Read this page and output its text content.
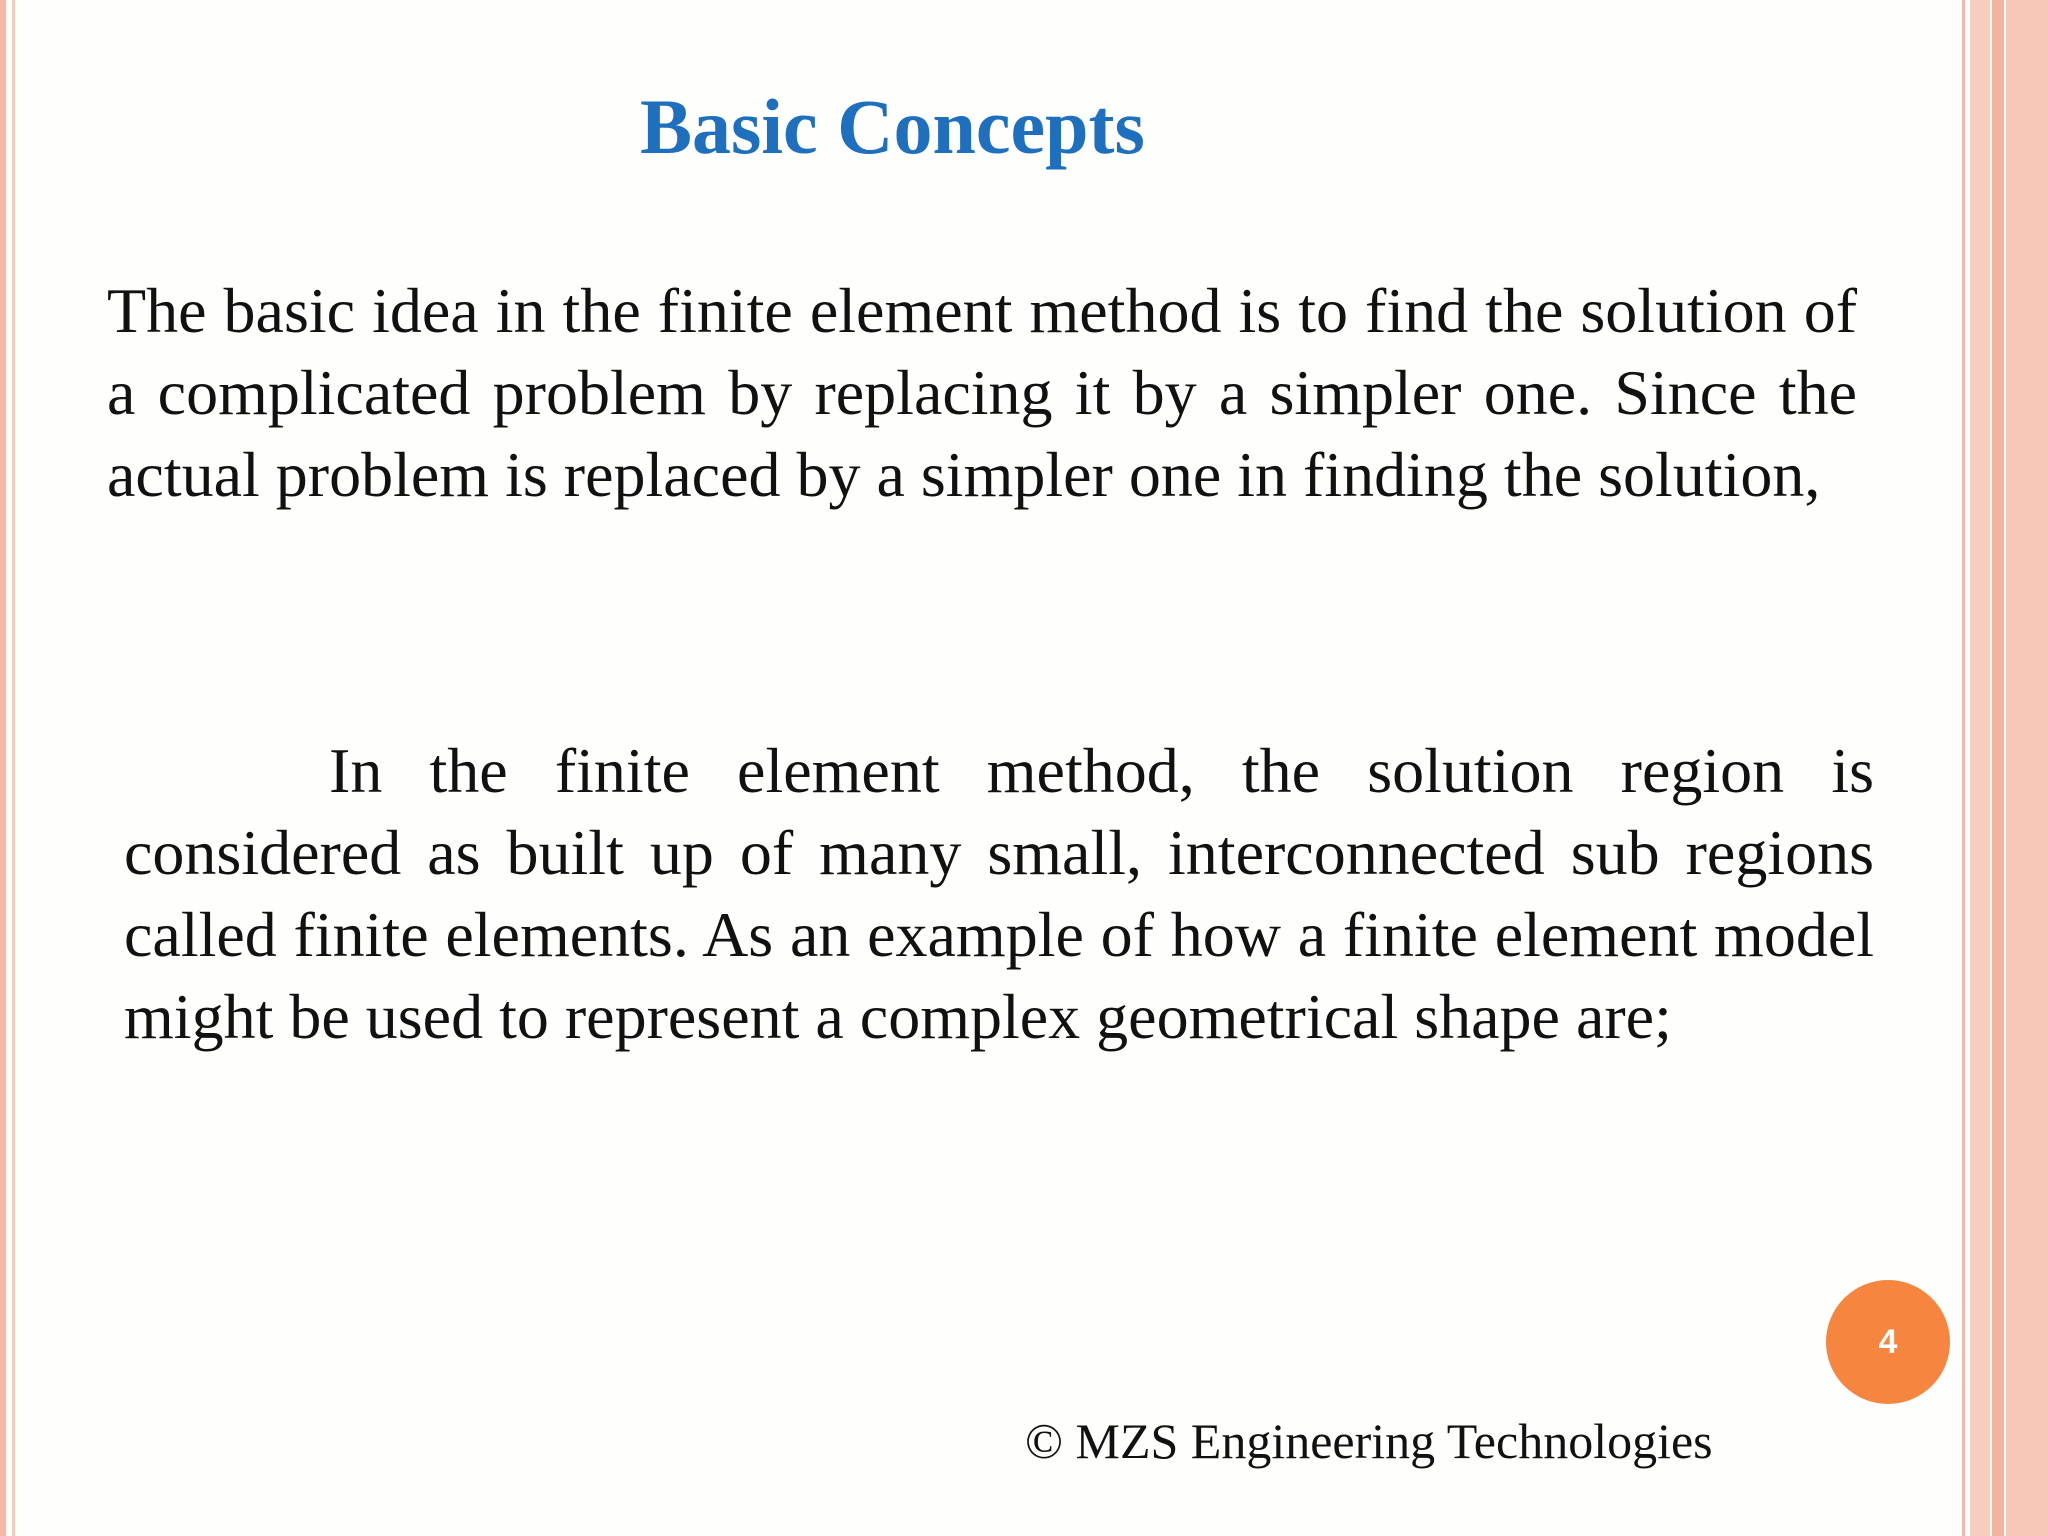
Basic Concepts

The basic idea in the finite element method is to find the solution of a complicated problem by replacing it by a simpler one. Since the actual problem is replaced by a simpler one in finding the solution,

In the finite element method, the solution region is considered as built up of many small, interconnected sub regions called finite elements. As an example of how a finite element model might be used to represent a complex geometrical shape are;

4

© MZS Engineering Technologies
